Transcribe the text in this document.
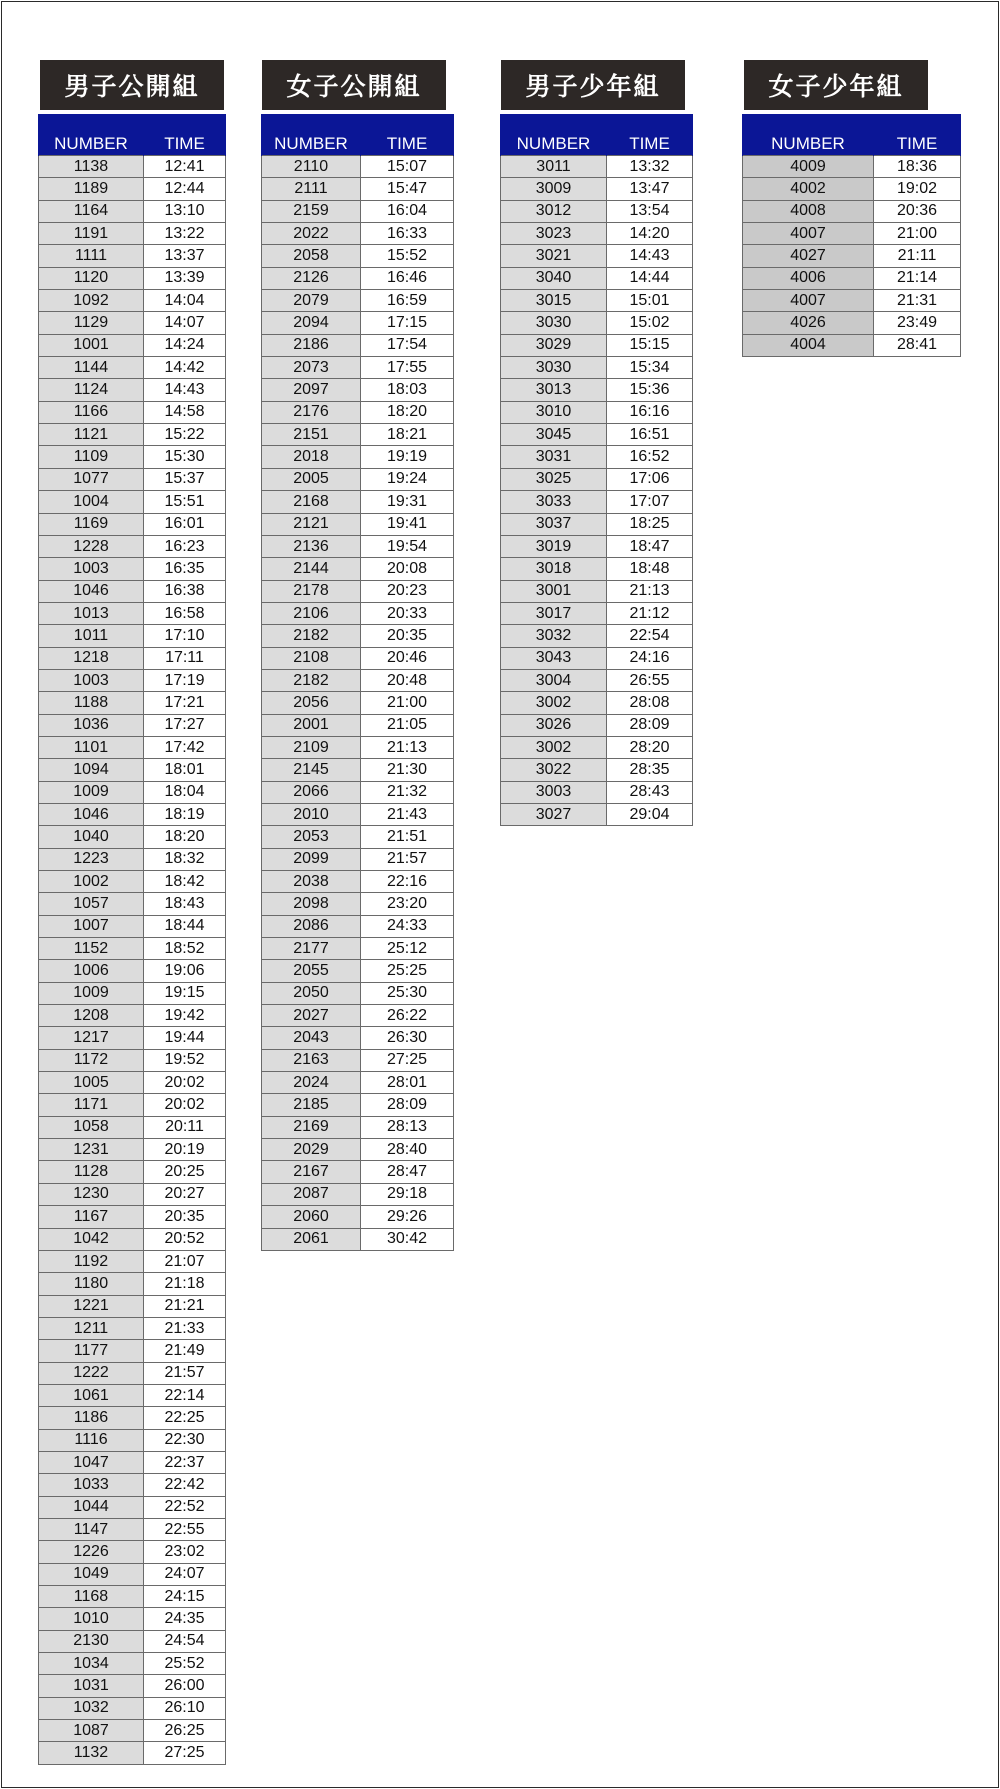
男子公開組
NUMBER	TIME
1138	12:41
1189	12:44
1164	13:10
1191	13:22
1111	13:37
1120	13:39
1092	14:04
1129	14:07
1001	14:24
1144	14:42
1124	14:43
1166	14:58
1121	15:22
1109	15:30
1077	15:37
1004	15:51
1169	16:01
1228	16:23
1003	16:35
1046	16:38
1013	16:58
1011	17:10
1218	17:11
1003	17:19
1188	17:21
1036	17:27
1101	17:42
1094	18:01
1009	18:04
1046	18:19
1040	18:20
1223	18:32
1002	18:42
1057	18:43
1007	18:44
1152	18:52
1006	19:06
1009	19:15
1208	19:42
1217	19:44
1172	19:52
1005	20:02
1171	20:02
1058	20:11
1231	20:19
1128	20:25
1230	20:27
1167	20:35
1042	20:52
1192	21:07
1180	21:18
1221	21:21
1211	21:33
1177	21:49
1222	21:57
1061	22:14
1186	22:25
1116	22:30
1047	22:37
1033	22:42
1044	22:52
1147	22:55
1226	23:02
1049	24:07
1168	24:15
1010	24:35
2130	24:54
1034	25:52
1031	26:00
1032	26:10
1087	26:25
1132	27:25
女子公開組
NUMBER	TIME
2110	15:07
2111	15:47
2159	16:04
2022	16:33
2058	15:52
2126	16:46
2079	16:59
2094	17:15
2186	17:54
2073	17:55
2097	18:03
2176	18:20
2151	18:21
2018	19:19
2005	19:24
2168	19:31
2121	19:41
2136	19:54
2144	20:08
2178	20:23
2106	20:33
2182	20:35
2108	20:46
2182	20:48
2056	21:00
2001	21:05
2109	21:13
2145	21:30
2066	21:32
2010	21:43
2053	21:51
2099	21:57
2038	22:16
2098	23:20
2086	24:33
2177	25:12
2055	25:25
2050	25:30
2027	26:22
2043	26:30
2163	27:25
2024	28:01
2185	28:09
2169	28:13
2029	28:40
2167	28:47
2087	29:18
2060	29:26
2061	30:42
男子少年組
NUMBER	TIME
3011	13:32
3009	13:47
3012	13:54
3023	14:20
3021	14:43
3040	14:44
3015	15:01
3030	15:02
3029	15:15
3030	15:34
3013	15:36
3010	16:16
3045	16:51
3031	16:52
3025	17:06
3033	17:07
3037	18:25
3019	18:47
3018	18:48
3001	21:13
3017	21:12
3032	22:54
3043	24:16
3004	26:55
3002	28:08
3026	28:09
3002	28:20
3022	28:35
3003	28:43
3027	29:04
女子少年組
NUMBER	TIME
4009	18:36
4002	19:02
4008	20:36
4007	21:00
4027	21:11
4006	21:14
4007	21:31
4026	23:49
4004	28:41
